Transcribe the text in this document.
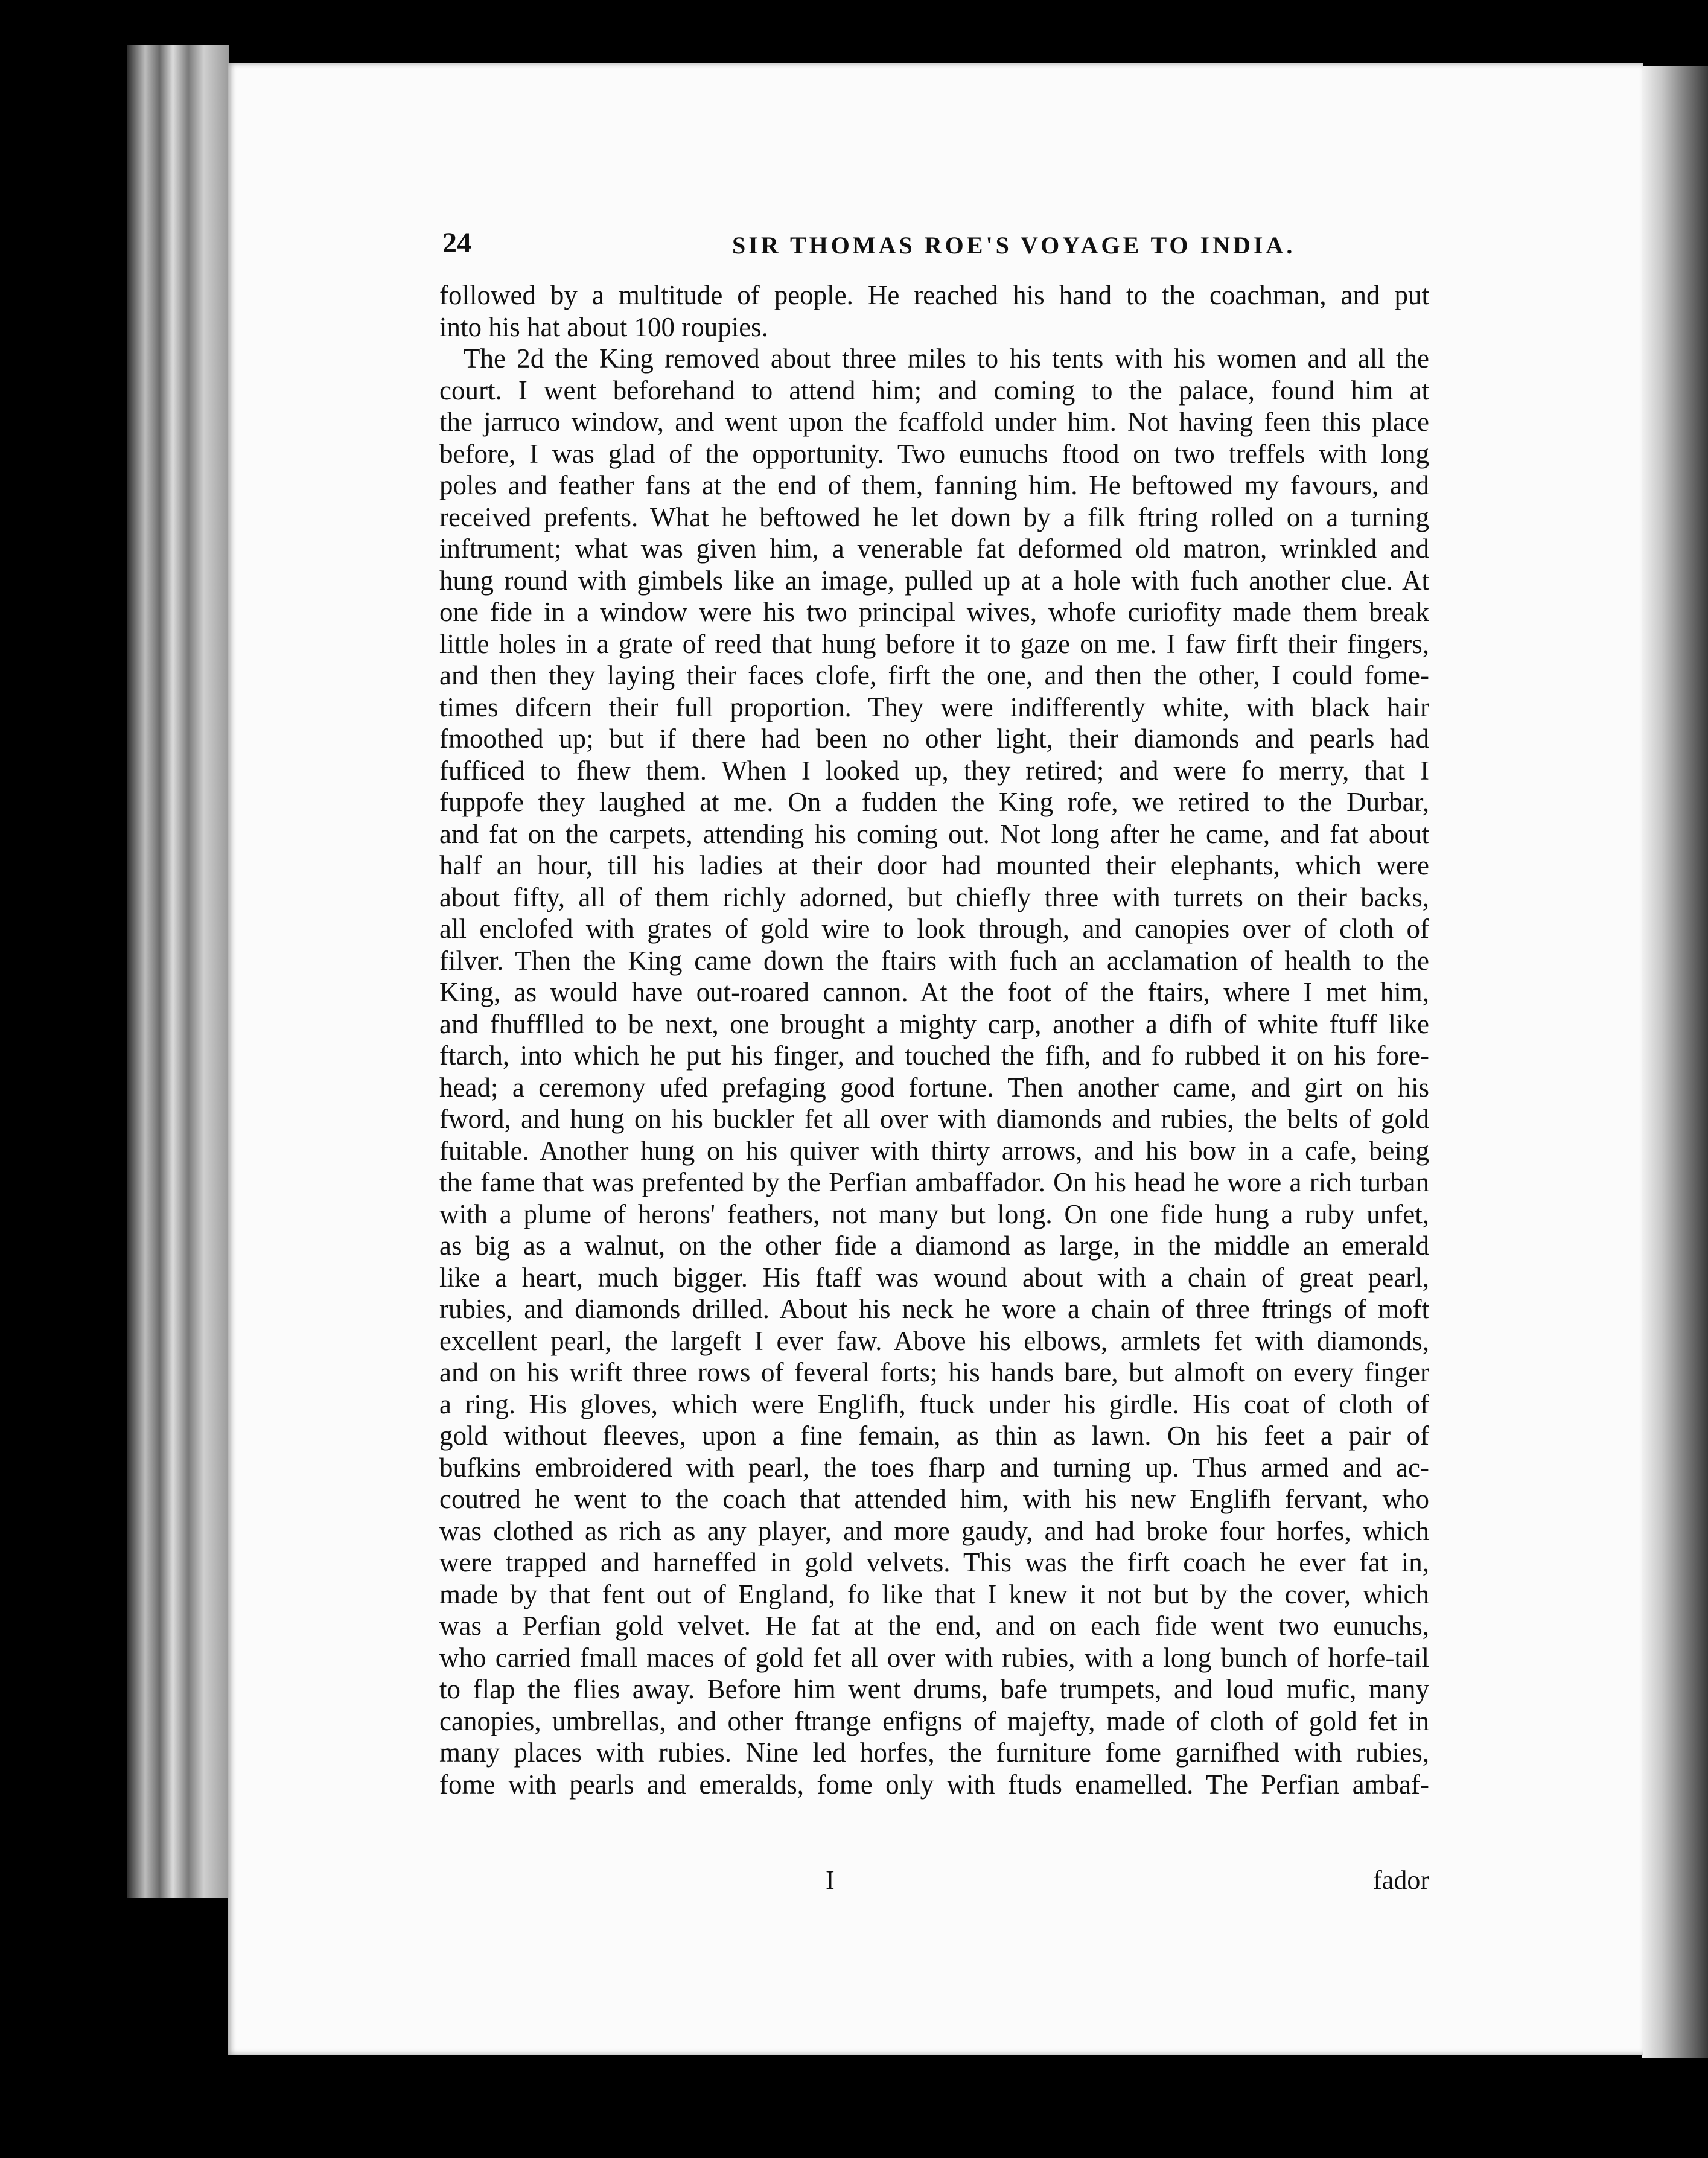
24	SIR THOMAS ROE'S VOYAGE TO INDIA.
followed by a multitude of people. He reached his hand to the coachman, and put
into his hat about 100 roupies.
The 2d the King removed about three miles to his tents with his women and all the
court. I went beforehand to attend him; and coming to the palace, found him at
the jarruco window, and went upon the fcaffold under him. Not having feen this place
before, I was glad of the opportunity. Two eunuchs ftood on two treffels with long
poles and feather fans at the end of them, fanning him. He beftowed my favours, and
received prefents. What he beftowed he let down by a filk ftring rolled on a turning
inftrument; what was given him, a venerable fat deformed old matron, wrinkled and
hung round with gimbels like an image, pulled up at a hole with fuch another clue. At
one fide in a window were his two principal wives, whofe curiofity made them break
little holes in a grate of reed that hung before it to gaze on me. I faw firft their fingers,
and then they laying their faces clofe, firft the one, and then the other, I could fome-
times difcern their full proportion. They were indifferently white, with black hair
fmoothed up; but if there had been no other light, their diamonds and pearls had
fufficed to fhew them. When I looked up, they retired; and were fo merry, that I
fuppofe they laughed at me. On a fudden the King rofe, we retired to the Durbar,
and fat on the carpets, attending his coming out. Not long after he came, and fat about
half an hour, till his ladies at their door had mounted their elephants, which were
about fifty, all of them richly adorned, but chiefly three with turrets on their backs,
all enclofed with grates of gold wire to look through, and canopies over of cloth of
filver. Then the King came down the ftairs with fuch an acclamation of health to the
King, as would have out-roared cannon. At the foot of the ftairs, where I met him,
and fhufflled to be next, one brought a mighty carp, another a difh of white ftuff like
ftarch, into which he put his finger, and touched the fifh, and fo rubbed it on his fore-
head; a ceremony ufed prefaging good fortune. Then another came, and girt on his
fword, and hung on his buckler fet all over with diamonds and rubies, the belts of gold
fuitable. Another hung on his quiver with thirty arrows, and his bow in a cafe, being
the fame that was prefented by the Perfian ambaffador. On his head he wore a rich turban
with a plume of herons' feathers, not many but long. On one fide hung a ruby unfet,
as big as a walnut, on the other fide a diamond as large, in the middle an emerald
like a heart, much bigger. His ftaff was wound about with a chain of great pearl,
rubies, and diamonds drilled. About his neck he wore a chain of three ftrings of moft
excellent pearl, the largeft I ever faw. Above his elbows, armlets fet with diamonds,
and on his wrift three rows of feveral forts; his hands bare, but almoft on every finger
a ring. His gloves, which were Englifh, ftuck under his girdle. His coat of cloth of
gold without fleeves, upon a fine femain, as thin as lawn. On his feet a pair of
bufkins embroidered with pearl, the toes fharp and turning up. Thus armed and ac-
coutred he went to the coach that attended him, with his new Englifh fervant, who
was clothed as rich as any player, and more gaudy, and had broke four horfes, which
were trapped and harneffed in gold velvets. This was the firft coach he ever fat in,
made by that fent out of England, fo like that I knew it not but by the cover, which
was a Perfian gold velvet. He fat at the end, and on each fide went two eunuchs,
who carried fmall maces of gold fet all over with rubies, with a long bunch of horfe-tail
to flap the flies away. Before him went drums, bafe trumpets, and loud mufic, many
canopies, umbrellas, and other ftrange enfigns of majefty, made of cloth of gold fet in
many places with rubies. Nine led horfes, the furniture fome garnifhed with rubies,
fome with pearls and emeralds, fome only with ftuds enamelled. The Perfian ambaf-
I	fador
